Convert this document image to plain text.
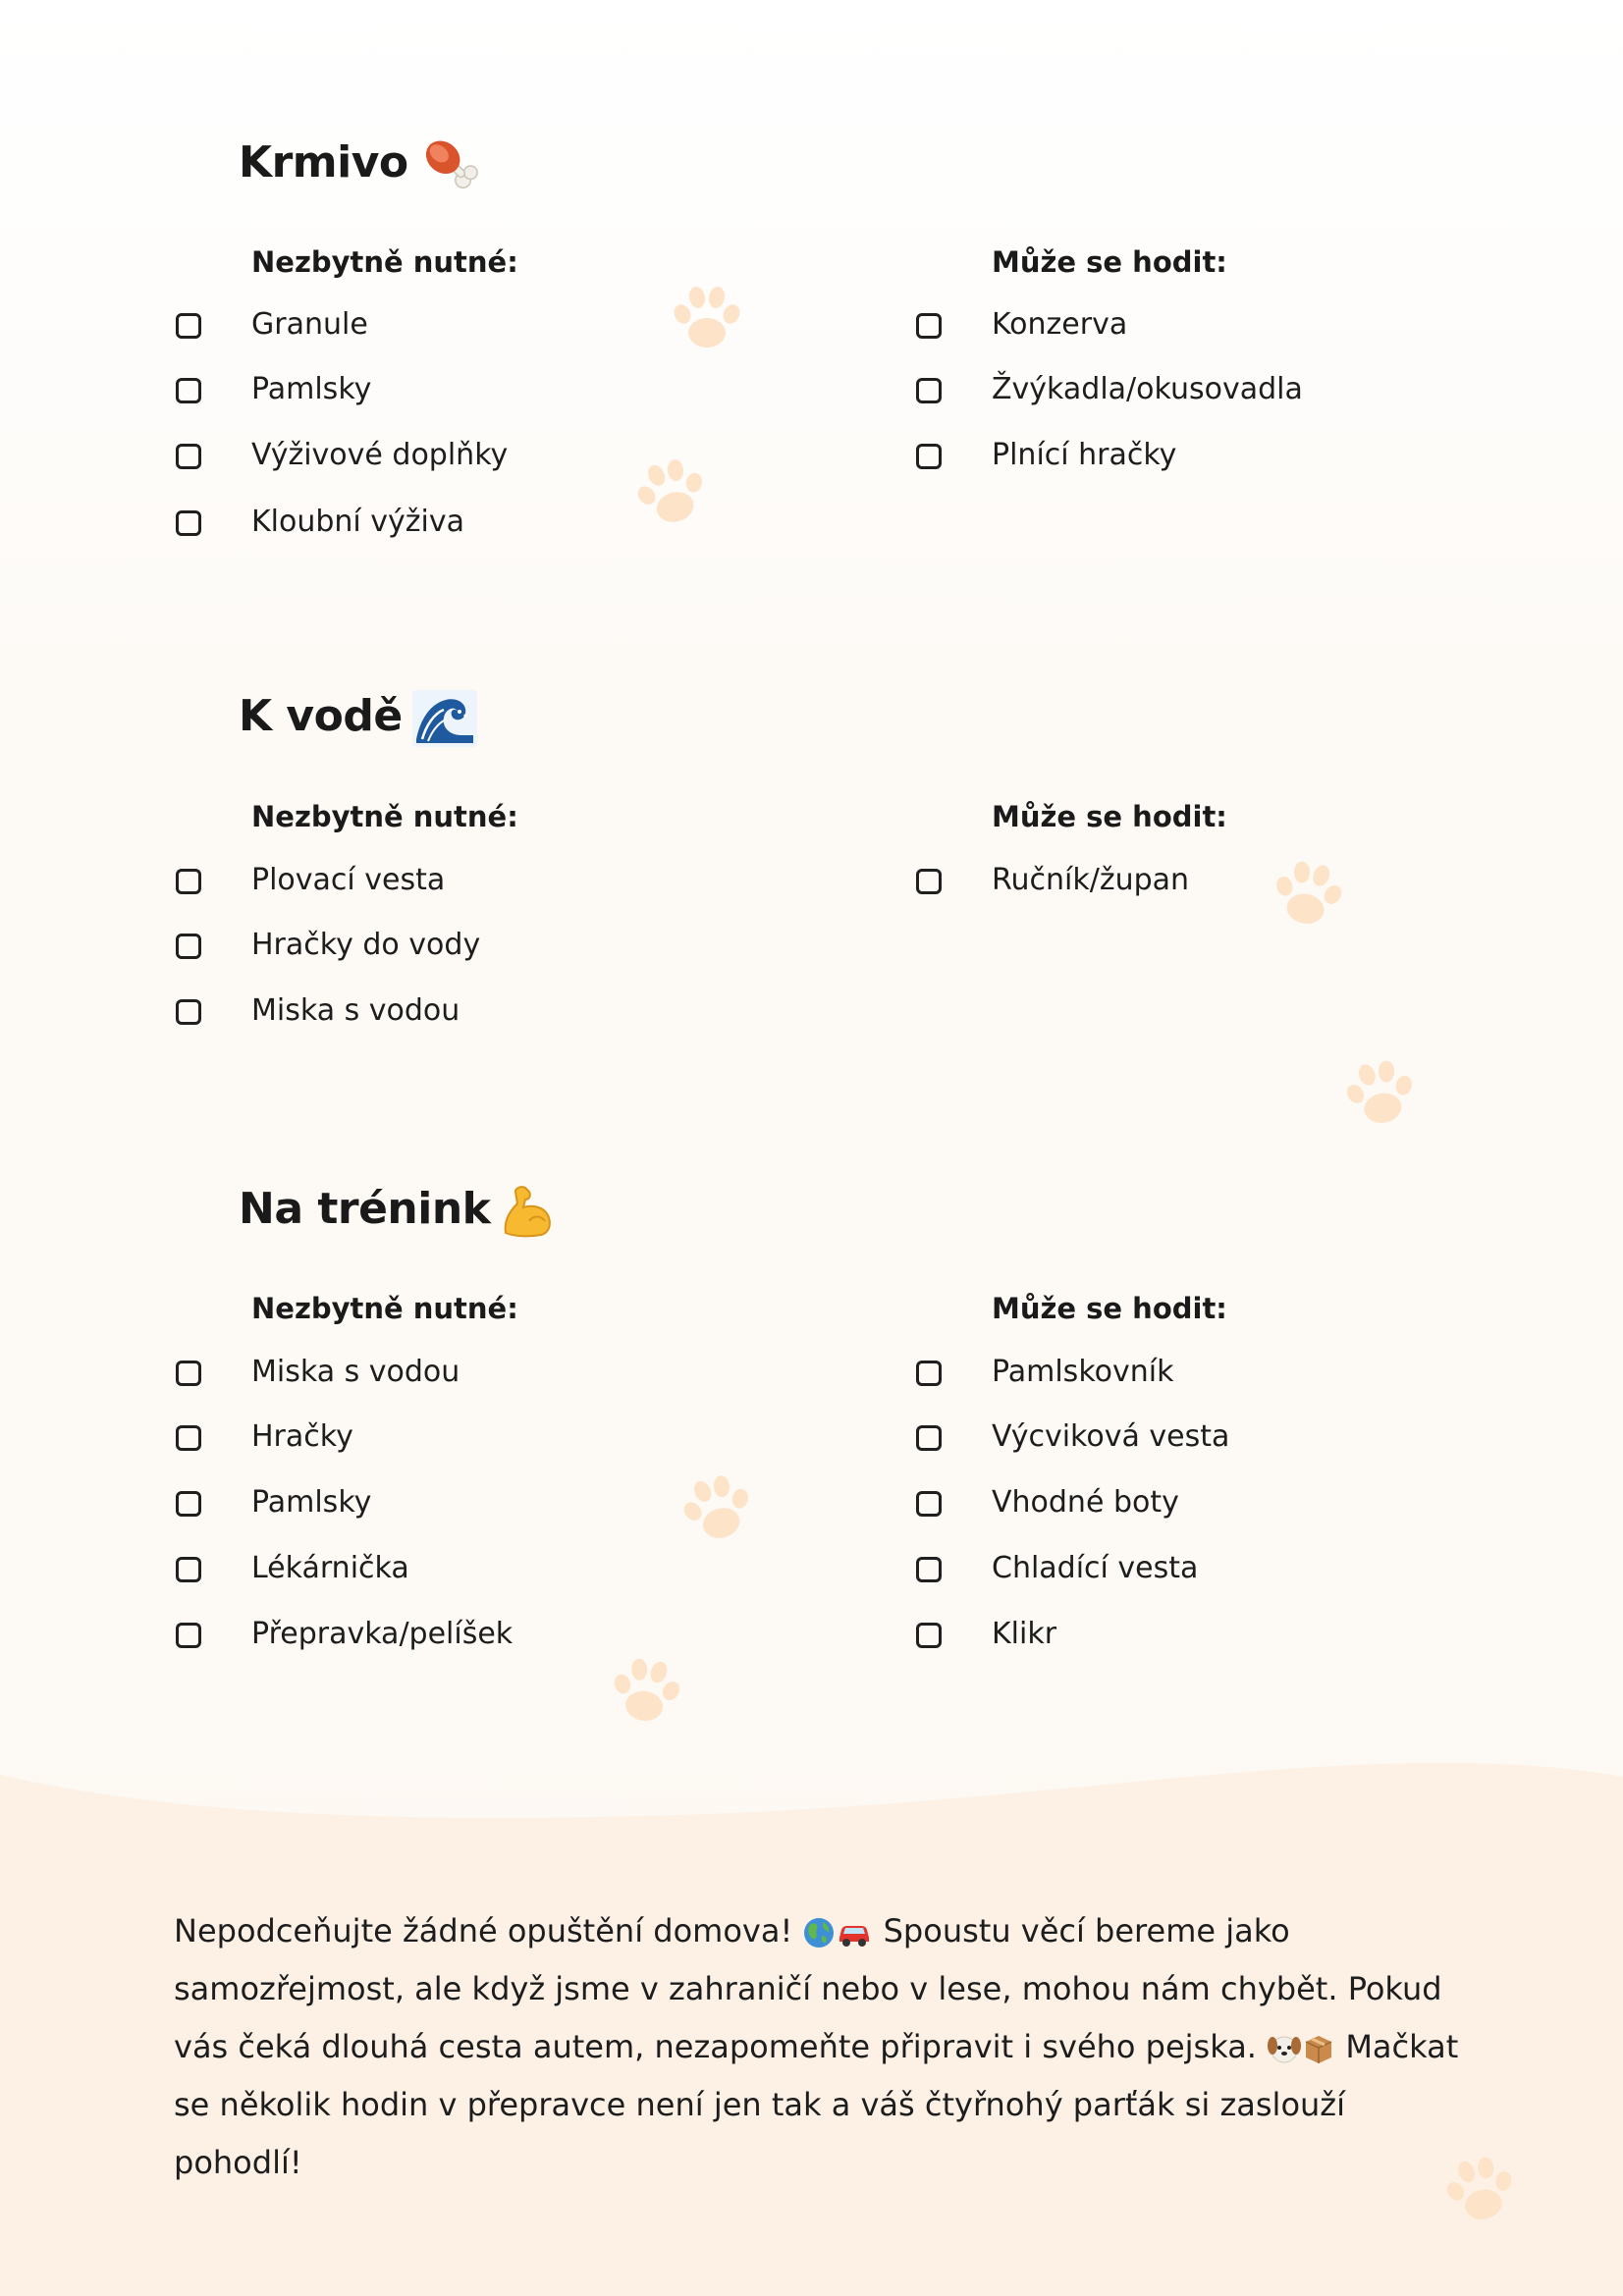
Krmivo
Nezbytně nutné:	Může se hodit:
Granule
Pamlsky
Výživové doplňky
Kloubní výživa
Konzerva
Žvýkadla/okusovadla
Plnící hračky
K vodě
Nezbytně nutné:	Může se hodit:
Plovací vesta
Hračky do vody
Miska s vodou
Ručník/župan
Na trénink
Nezbytně nutné:	Může se hodit:
Miska s vodou
Hračky
Pamlsky
Lékárnička
Přepravka/pelíšek
Pamlskovník
Výcviková vesta
Vhodné boty
Chladící vesta
Klikr

Nepodceňujte žádné opuštění domova!	Spoustu věcí bereme jako samozřejmost, ale když jsme v zahraničí nebo v lese, mohou nám chybět. Pokud vás čeká dlouhá cesta autem, nezapomeňte připravit i svého pejska.	Mačkat se několik hodin v přepravce není jen tak a váš čtyřnohý parťák si zaslouží pohodlí!
